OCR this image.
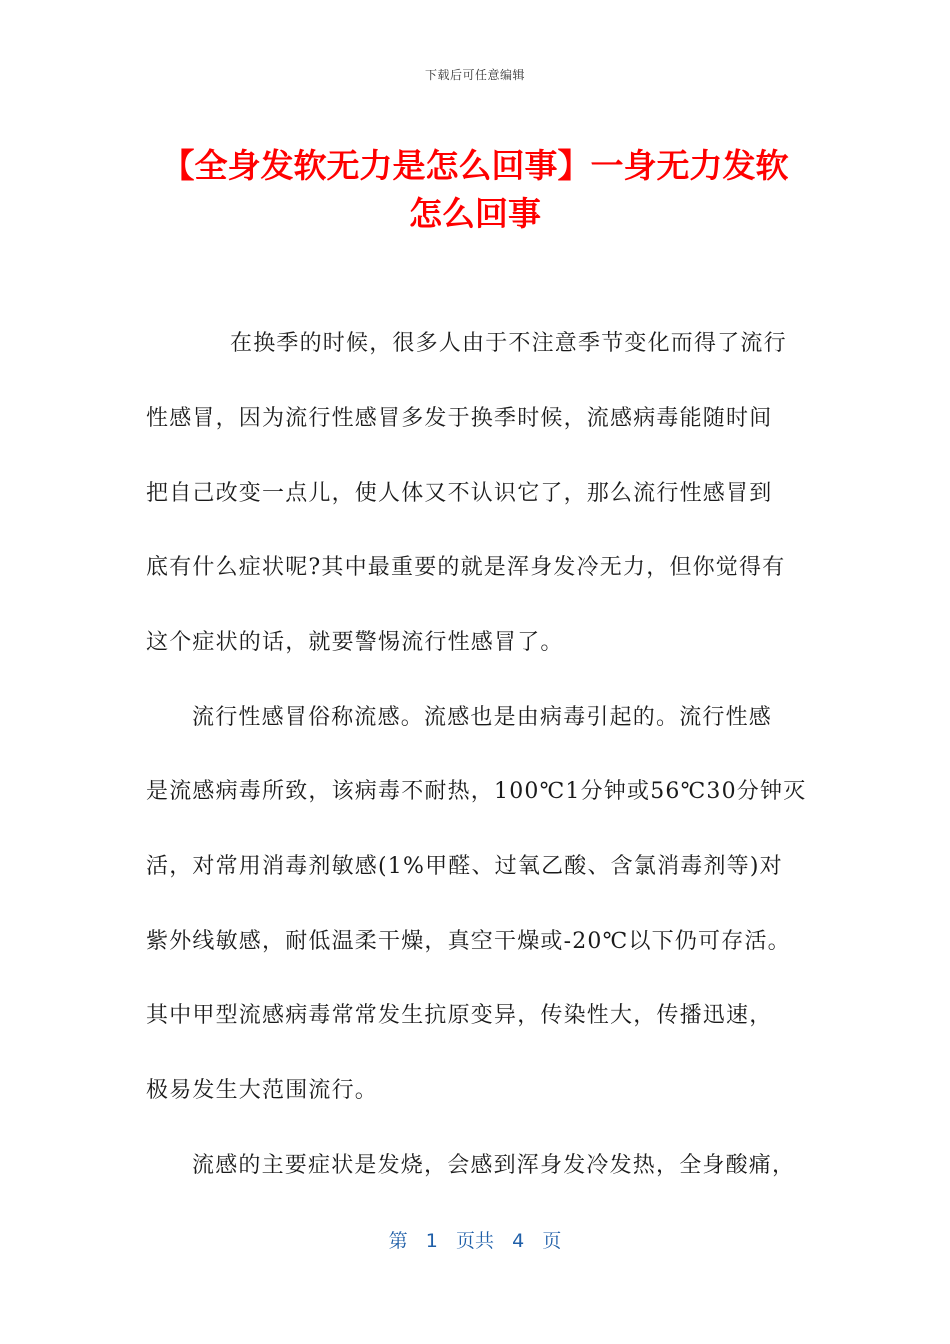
下载后可任意编辑
【全身发软无力是怎么回事】一身无力发软
怎么回事
在换季的时候，很多人由于不注意季节变化而得了流行
性感冒，因为流行性感冒多发于换季时候，流感病毒能随时间
把自己改变一点儿，使人体又不认识它了，那么流行性感冒到
底有什么症状呢?其中最重要的就是浑身发冷无力，但你觉得有
这个症状的话，就要警惕流行性感冒了。
流行性感冒俗称流感。流感也是由病毒引起的。流行性感
是流感病毒所致，该病毒不耐热，100℃1分钟或56℃30分钟灭
活，对常用消毒剂敏感(1%甲醛、过氧乙酸、含氯消毒剂等)对
紫外线敏感，耐低温柔干燥，真空干燥或-20℃以下仍可存活。
其中甲型流感病毒常常发生抗原变异，传染性大，传播迅速，
极易发生大范围流行。
流感的主要症状是发烧，会感到浑身发冷发热，全身酸痛，
第 1 页共 4 页
